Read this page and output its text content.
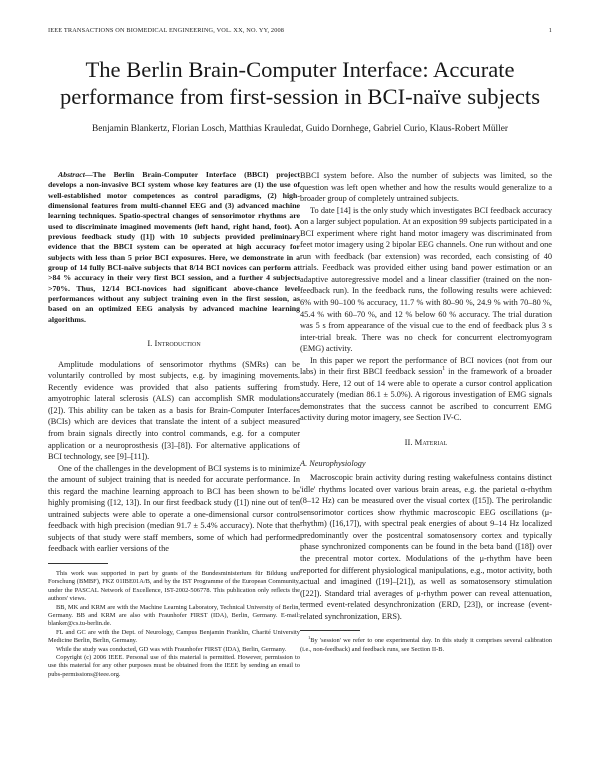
IEEE TRANSACTIONS ON BIOMEDICAL ENGINEERING, VOL. XX, NO. YY, 2008	1
The Berlin Brain-Computer Interface: Accurate performance from first-session in BCI-naïve subjects
Benjamin Blankertz, Florian Losch, Matthias Krauledat, Guido Dornhege, Gabriel Curio, Klaus-Robert Müller

Abstract—The Berlin Brain-Computer Interface (BBCI) project develops a non-invasive BCI system whose key features are (1) the use of well-established motor competences as control paradigms, (2) high-dimensional features from multi-channel EEG and (3) advanced machine learning techniques. Spatio-spectral changes of sensorimotor rhythms are used to discriminate imagined movements (left hand, right hand, foot). A previous feedback study ([1]) with 10 subjects provided preliminary evidence that the BBCI system can be operated at high accuracy for subjects with less than 5 prior BCI exposures. Here, we demonstrate in a group of 14 fully BCI-naïve subjects that 8/14 BCI novices can perform at >84 % accuracy in their very first BCI session, and a further 4 subjects >70%. Thus, 12/14 BCI-novices had significant above-chance level performances without any subject training even in the first session, as based on an optimized EEG analysis by advanced machine learning algorithms.

I. Introduction

Amplitude modulations of sensorimotor rhythms (SMRs) can be voluntarily controlled by most subjects, e.g. by imagining movements. Recently evidence was provided that also patients suffering from amyotrophic lateral sclerosis (ALS) can accomplish SMR modulations ([2]). This ability can be taken as a basis for Brain-Computer Interfaces (BCIs) which are devices that translate the intent of a subject measured from brain signals directly into control commands, e.g. for a computer application or a neuroprosthesis ([3]–[8]). For alternative applications of BCI technology, see [9]–[11]).

One of the challenges in the development of BCI systems is to minimize the amount of subject training that is needed for accurate performance. In this regard the machine learning approach to BCI has been shown to be highly promising ([12, 13]). In our first feedback study ([1]) nine out of ten untrained subjects were able to operate a one-dimensional cursor control feedback with high precision (median 91.7 ± 5.4% accuracy). Note that the subjects of that study were staff members, some of which had performed feedback with earlier versions of the

This work was supported in part by grants of the Bundesministerium für Bildung und Forschung (BMBF), FKZ 01IBE01A/B, and by the IST Programme of the European Community, under the PASCAL Network of Excellence, IST-2002-506778. This publication only reflects the authors' views.

BB, MK and KRM are with the Machine Learning Laboratory, Technical University of Berlin, Germany. BB and KRM are also with Fraunhofer FIRST (IDA), Berlin, Germany. E-mail: blanker@cs.tu-berlin.de.

FL and GC are with the Dept. of Neurology, Campus Benjamin Franklin, Charité University Medicine Berlin, Berlin, Germany.

While the study was conducted, GD was with Fraunhofer FIRST (IDA), Berlin, Germany.

Copyright (c) 2006 IEEE. Personal use of this material is permitted. However, permission to use this material for any other purposes must be obtained from the IEEE by sending an email to pubs-permissions@ieee.org.

BBCI system before. Also the number of subjects was limited, so the question was left open whether and how the results would generalize to a broader group of completely untrained subjects.

To date [14] is the only study which investigates BCI feedback accuracy on a larger subject population. At an exposition 99 subjects participated in a BCI experiment where right hand motor imagery was discriminated from feet motor imagery using 2 bipolar EEG channels. One run without and one run with feedback (bar extension) was recorded, each consisting of 40 trials. Feedback was provided either using band power estimation or an adaptive autoregressive model and a linear classifier (trained on the non-feedback run). In the feedback runs, the following results were achieved: 6% with 90–100 % accuracy, 11.7 % with 80–90 %, 24.9 % with 70–80 %, 45.4 % with 60–70 %, and 12 % below 60 % accuracy. The trial duration was 5 s from appearance of the visual cue to the end of feedback plus 3 s inter-trial break. There was no check for concurrent electromyogram (EMG) activity.

In this paper we report the performance of BCI novices (not from our labs) in their first BBCI feedback session$^1$ in the framework of a broader study. Here, 12 out of 14 were able to operate a cursor control application accurately (median 86.1 ± 5.0%). A rigorous investigation of EMG signals demonstrates that the success cannot be ascribed to concurrent EMG activity during motor imagery, see Section IV-C.

II. Material

A. Neurophysiology

Macroscopic brain activity during resting wakefulness contains distinct 'idle' rhythms located over various brain areas, e.g. the parietal α-rhythm (8–12 Hz) can be measured over the visual cortex ([15]). The perirolandic sensorimotor cortices show rhythmic macroscopic EEG oscillations (μ-rhythm) ([16,17]), with spectral peak energies of about 9–14 Hz localized predominantly over the postcentral somatosensory cortex and typically phase synchronized components can be found in the beta band ([18]) over the precentral motor cortex. Modulations of the μ-rhythm have been reported for different physiological manipulations, e.g., motor activity, both actual and imagined ([19]–[21]), as well as somatosensory stimulation ([22]). Standard trial averages of μ-rhythm power can reveal attenuation, termed event-related desynchronization (ERD, [23]), or increase (event-related synchronization, ERS).

$^1$By 'session' we refer to one experimental day. In this study it comprises several calibration (i.e., non-feedback) and feedback runs, see Section II-B.
